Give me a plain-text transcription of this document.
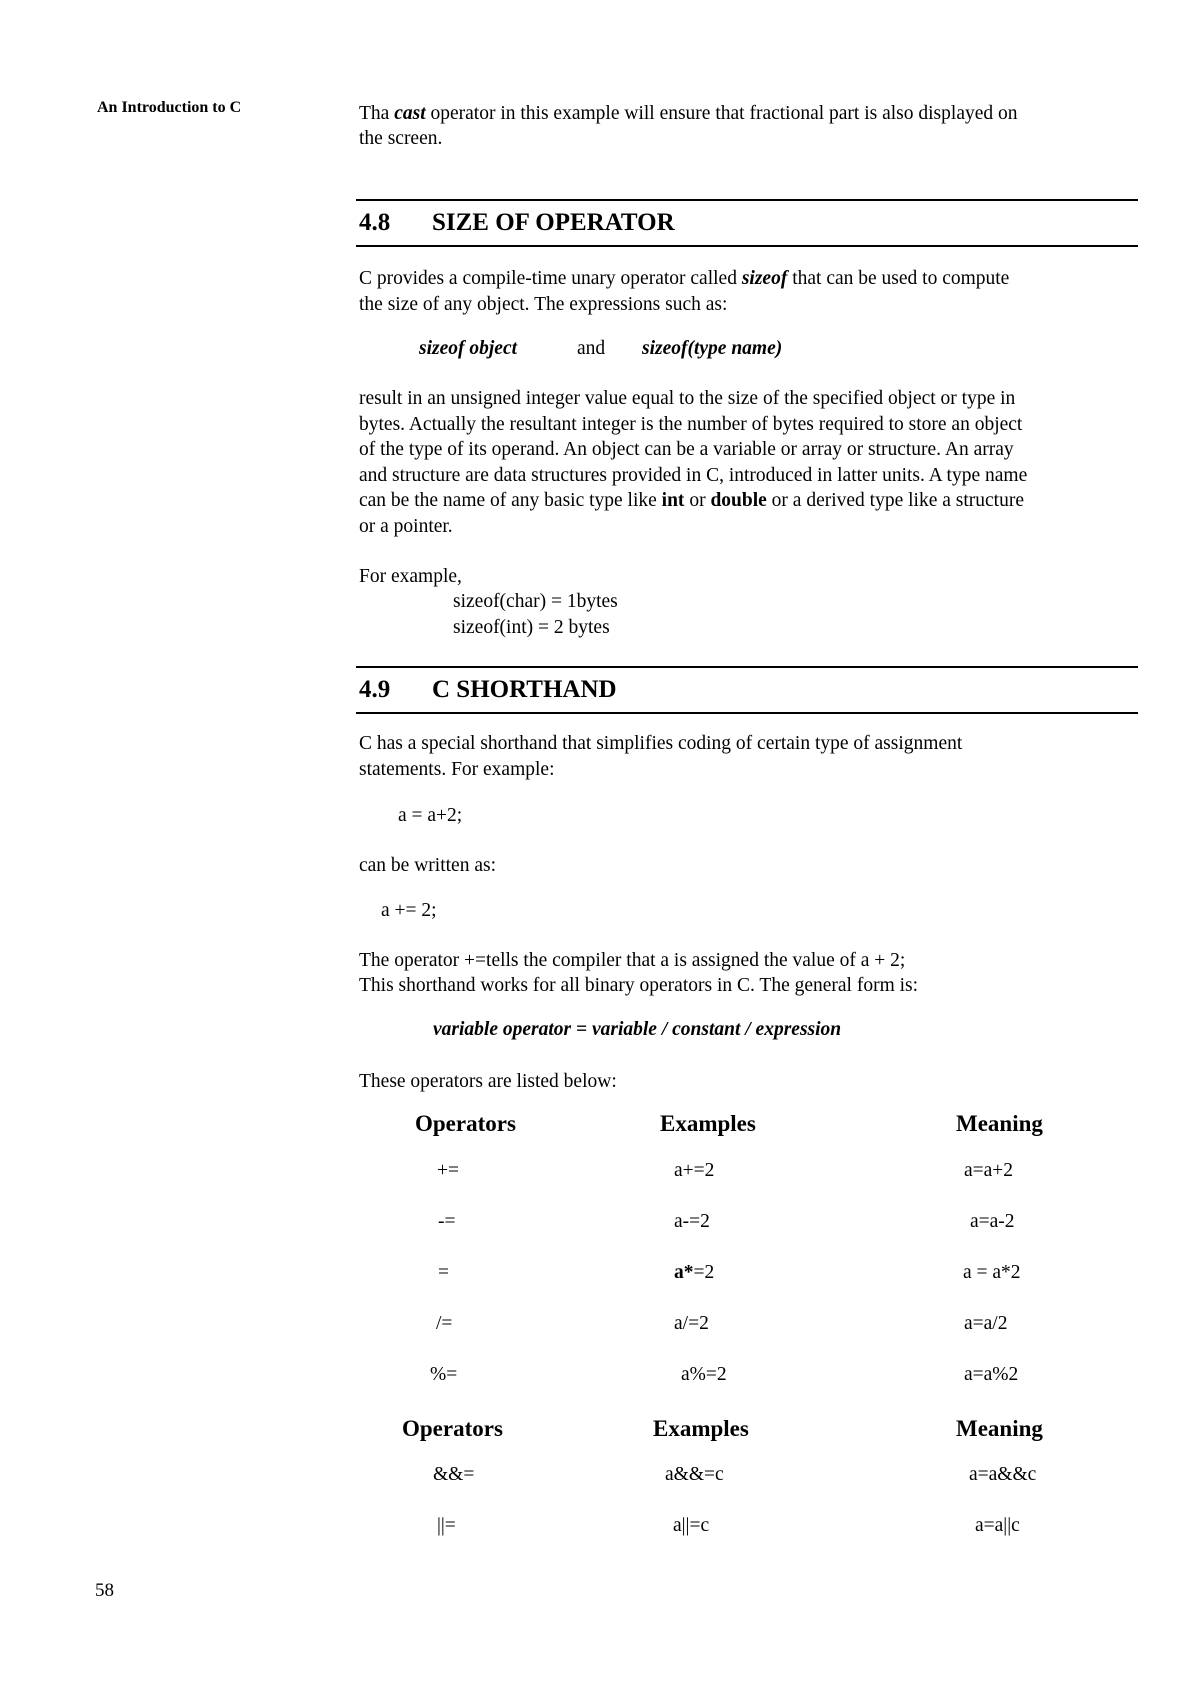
An Introduction to C
58
Tha cast operator in this example will ensure that fractional part is also displayed on
the screen.
4.8 SIZE OF OPERATOR
C provides a compile-time unary operator called sizeof that can be used to compute
the size of any object. The expressions such as:
sizeof object	and sizeof(type name)
result in an unsigned integer value equal to the size of the specified object or type in
bytes. Actually the resultant integer is the number of bytes required to store an object
of the type of its operand. An object can be a variable or array or structure. An array
and structure are data structures provided in C, introduced in latter units. A type name
can be the name of any basic type like int or double or a derived type like a structure
or a pointer.
For example,
sizeof(char) = 1bytes
sizeof(int) = 2 bytes
4.9 C SHORTHAND
C has a special shorthand that simplifies coding of certain type of assignment
statements. For example:
a = a+2;
can be written as:
a += 2;
The operator +=tells the compiler that a is assigned the value of a + 2;
This shorthand works for all binary operators in C. The general form is:
variable operator = variable / constant / expression
These operators are listed below:
Operators	Examples	Meaning
+=	a+=2	a=a+2
-=	a-=2	a=a-2
=	a*=2	a = a*2
/=	a/=2	a=a/2
%=	a%=2	a=a%2
Operators	Examples	Meaning
&&=	a&&=c	a=a&&c
||=	a||=c	a=a||c
